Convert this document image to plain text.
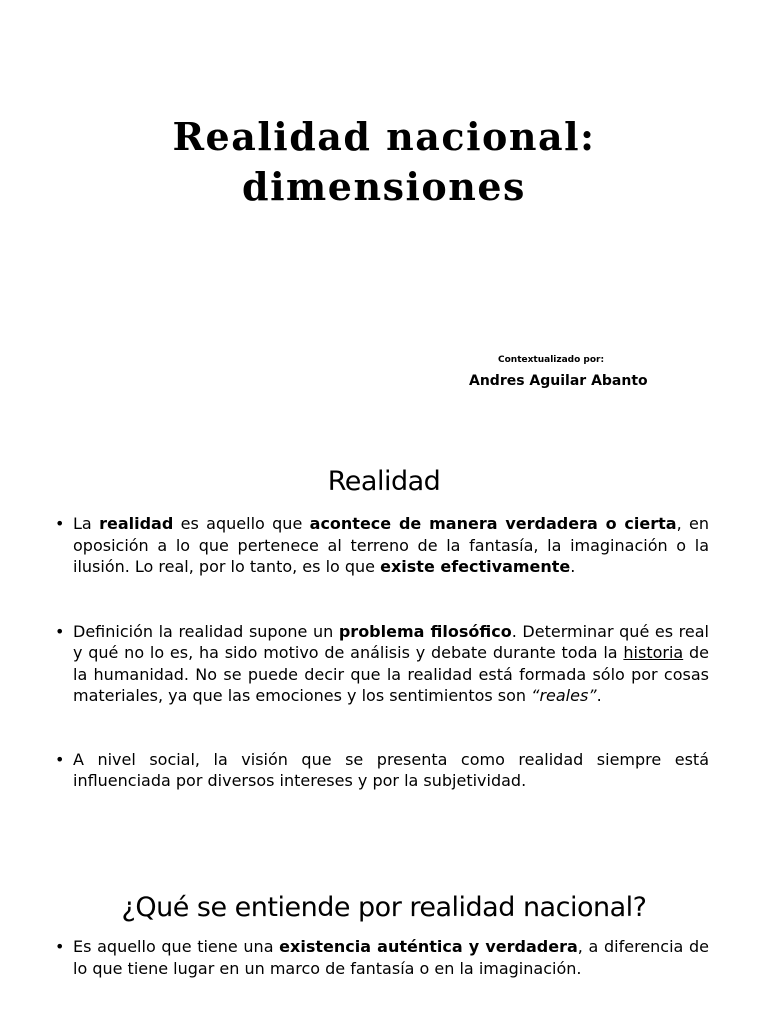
Realidad nacional:
dimensiones
Contextualizado por:
Andres Aguilar Abanto
Realidad
• La realidad es aquello que acontece de manera verdadera o cierta, en oposición a lo que pertenece al terreno de la fantasía, la imaginación o la ilusión. Lo real, por lo tanto, es lo que existe efectivamente.
• Definición la realidad supone un problema filosófico. Determinar qué es real y qué no lo es, ha sido motivo de análisis y debate durante toda la historia de la humanidad. No se puede decir que la realidad está formada sólo por cosas materiales, ya que las emociones y los sentimientos son “reales”.
• A nivel social, la visión que se presenta como realidad siempre está influenciada por diversos intereses y por la subjetividad.
¿Qué se entiende por realidad nacional?
• Es aquello que tiene una existencia auténtica y verdadera, a diferencia de lo que tiene lugar en un marco de fantasía o en la imaginación.
